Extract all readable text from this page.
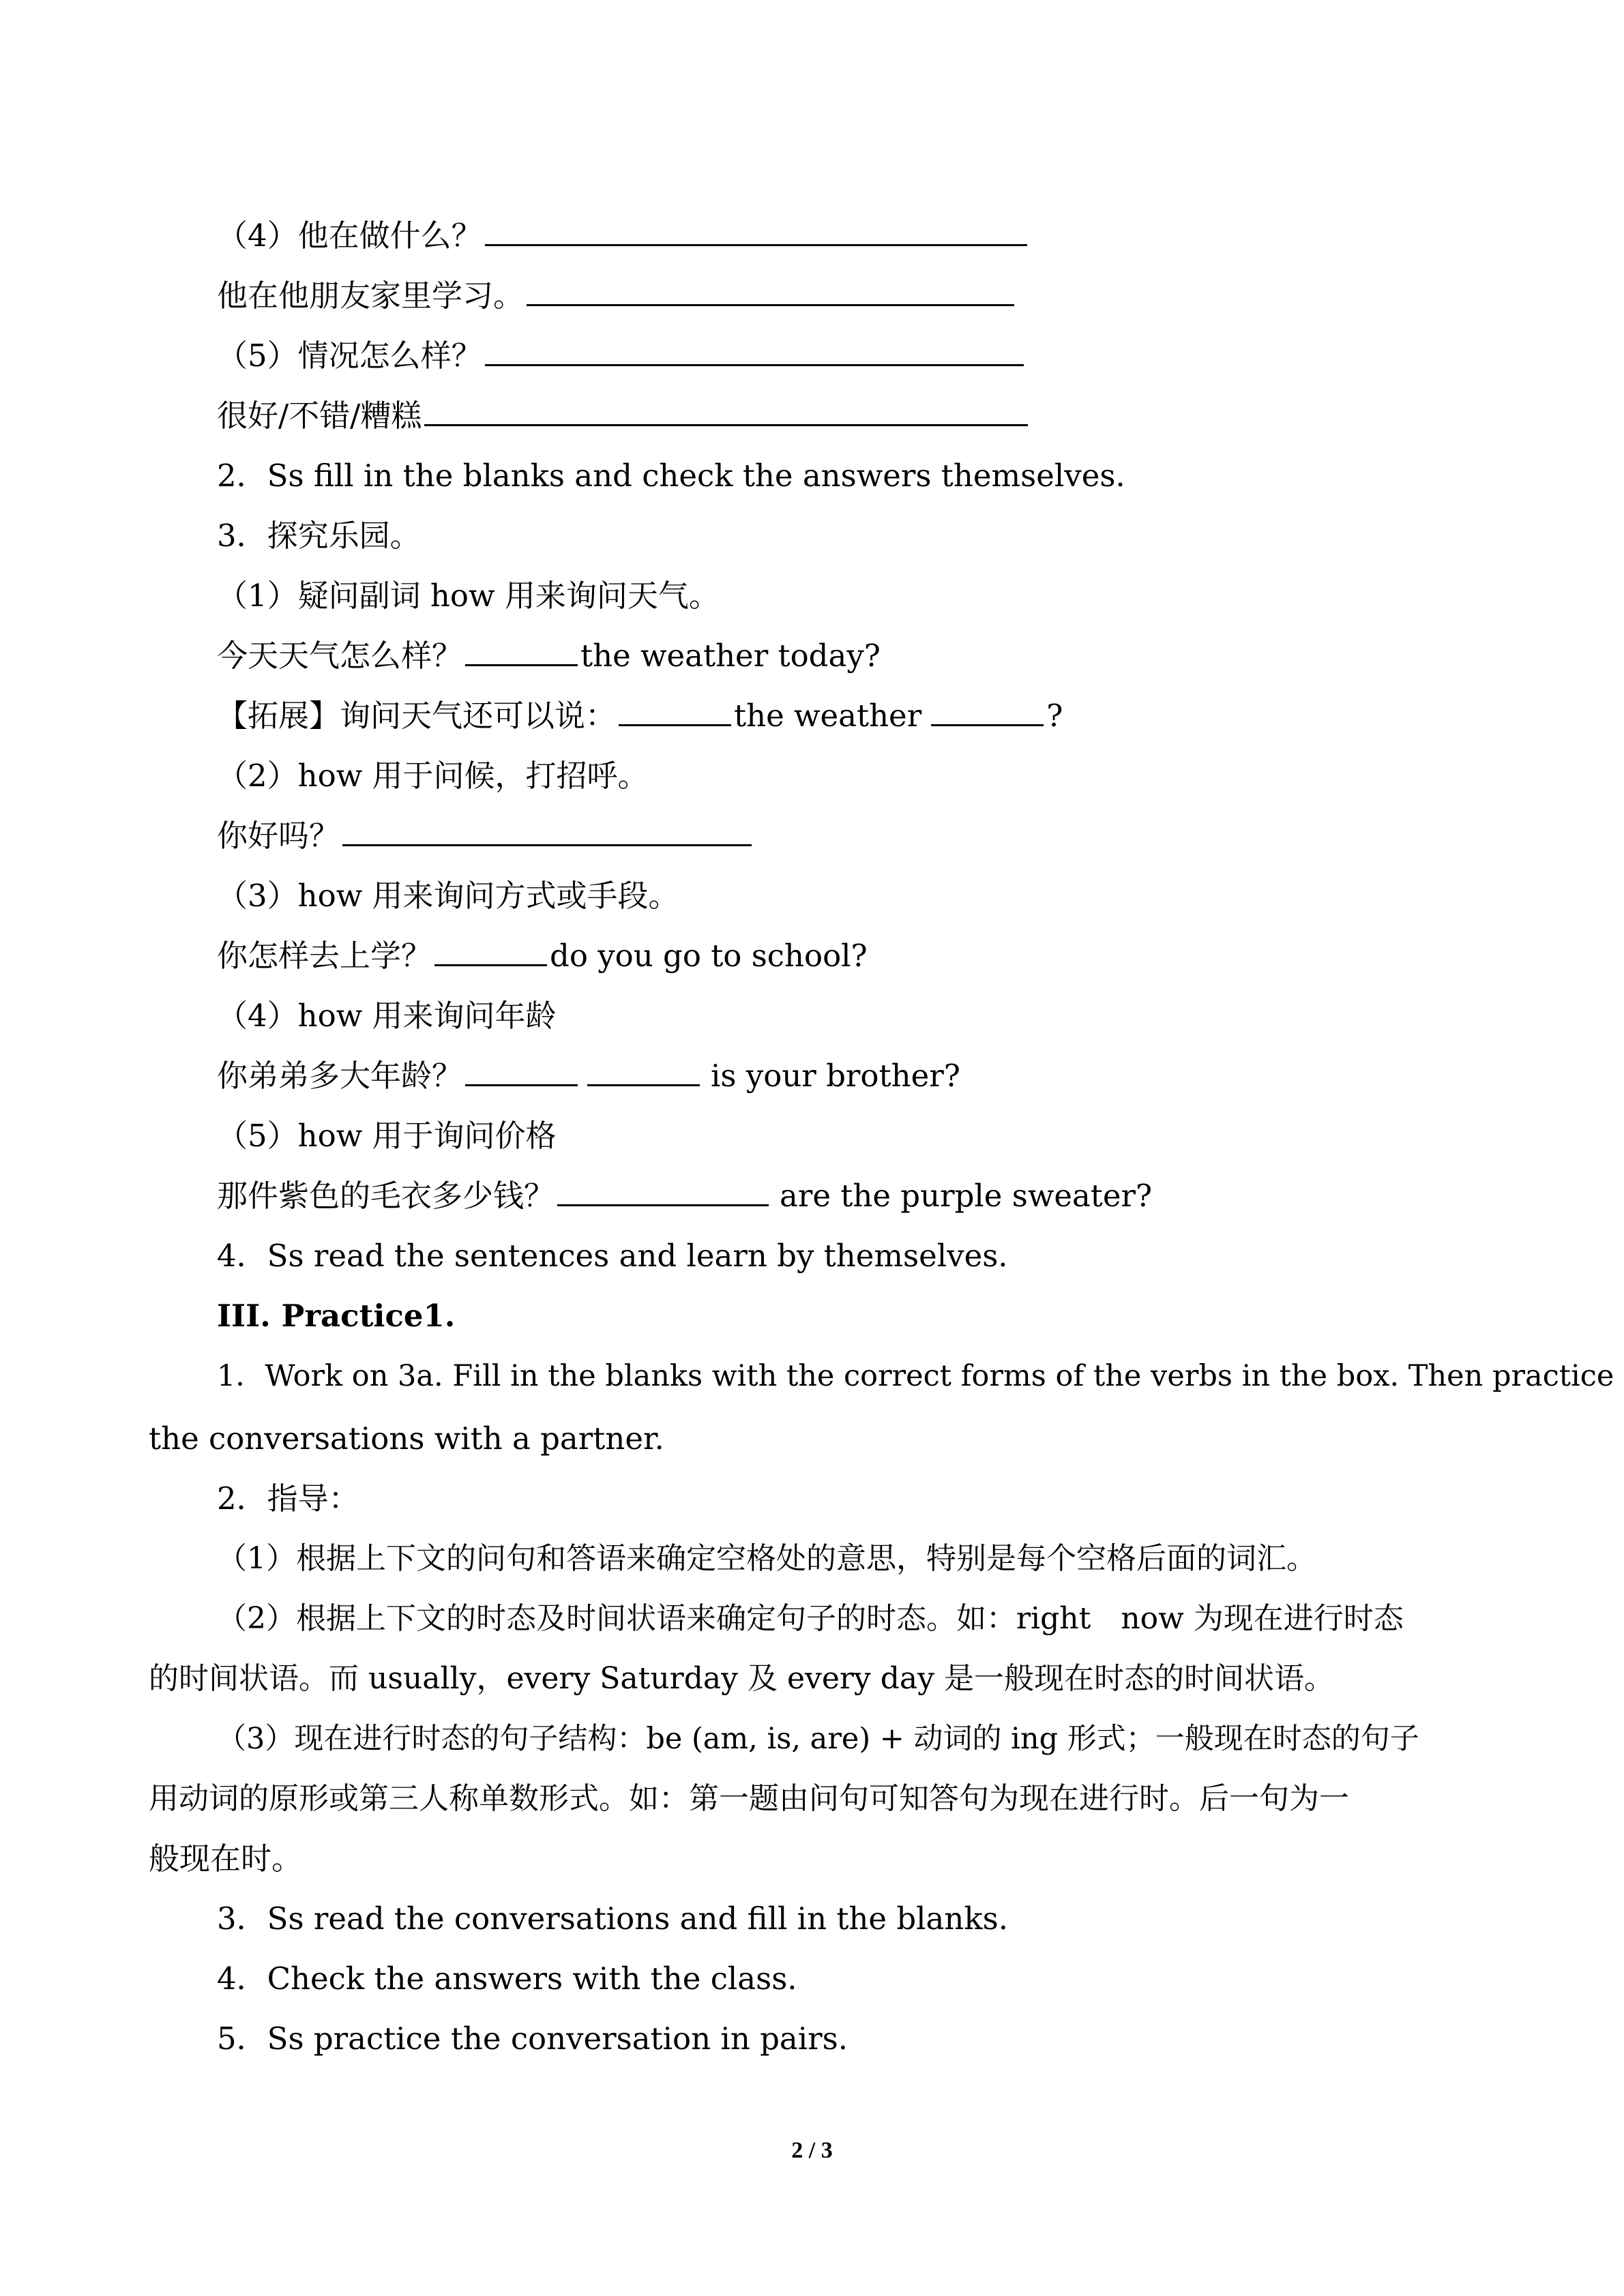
（4）他在做什么？
他在他朋友家里学习。
（5）情况怎么样？
很好/不错/糟糕
2．Ss fill in the blanks and check the answers themselves.
3．探究乐园。
（1）疑问副词 how 用来询问天气。
今天天气怎么样？	the weather today?
【拓展】询问天气还可以说：	the weather	?
（2）how 用于问候，打招呼。
你好吗？
（3）how 用来询问方式或手段。
你怎样去上学？	do you go to school?
（4）how 用来询问年龄
你弟弟多大年龄？	is your brother?
（5）how 用于询问价格
那件紫色的毛衣多少钱？	are the purple sweater?
4．Ss read the sentences and learn by themselves.
III. Practice1.
1．Work on 3a. Fill in the blanks with the correct forms of the verbs in the box. Then practice
the conversations with a partner.
2．指导：
（1）根据上下文的问句和答语来确定空格处的意思，特别是每个空格后面的词汇。
（2）根据上下文的时态及时间状语来确定句子的时态。如：right　now 为现在进行时态
的时间状语。而 usually，every Saturday 及 every day 是一般现在时态的时间状语。
（3）现在进行时态的句子结构：be (am, is, are) + 动词的 ing 形式；一般现在时态的句子
用动词的原形或第三人称单数形式。如：第一题由问句可知答句为现在进行时。后一句为一
般现在时。
3．Ss read the conversations and fill in the blanks.
4．Check the answers with the class.
5．Ss practice the conversation in pairs.
2 / 3
